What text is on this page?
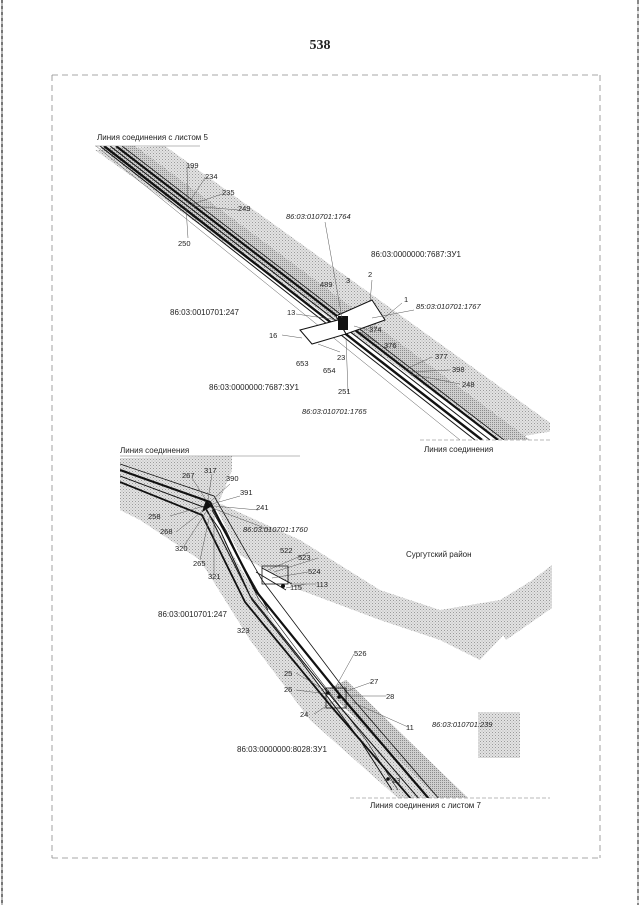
538
Линия соединения с листом 5
Линия соединения
86:03:010701:1764
86:03:0000000:7687:ЗУ1
85:03:010701:1767
86:03:0010701:247
86:03:0000000:7687:ЗУ1
86:03:010701:1765
199
234
235
249
250
489 3
2
1
13
16
374
376
377
398
248
653
654
23
251
Линия соединения
Линия соединения с листом 7
Сургутский район
86:03:010701:1760
86:03:0010701:247
86:03:0000000:8028:ЗУ1
86:03:010701:239
317
267	390
391
241
258
268
320
265
321
522
523
524
115 113
323
526
25
26
27
28
24
11
23
